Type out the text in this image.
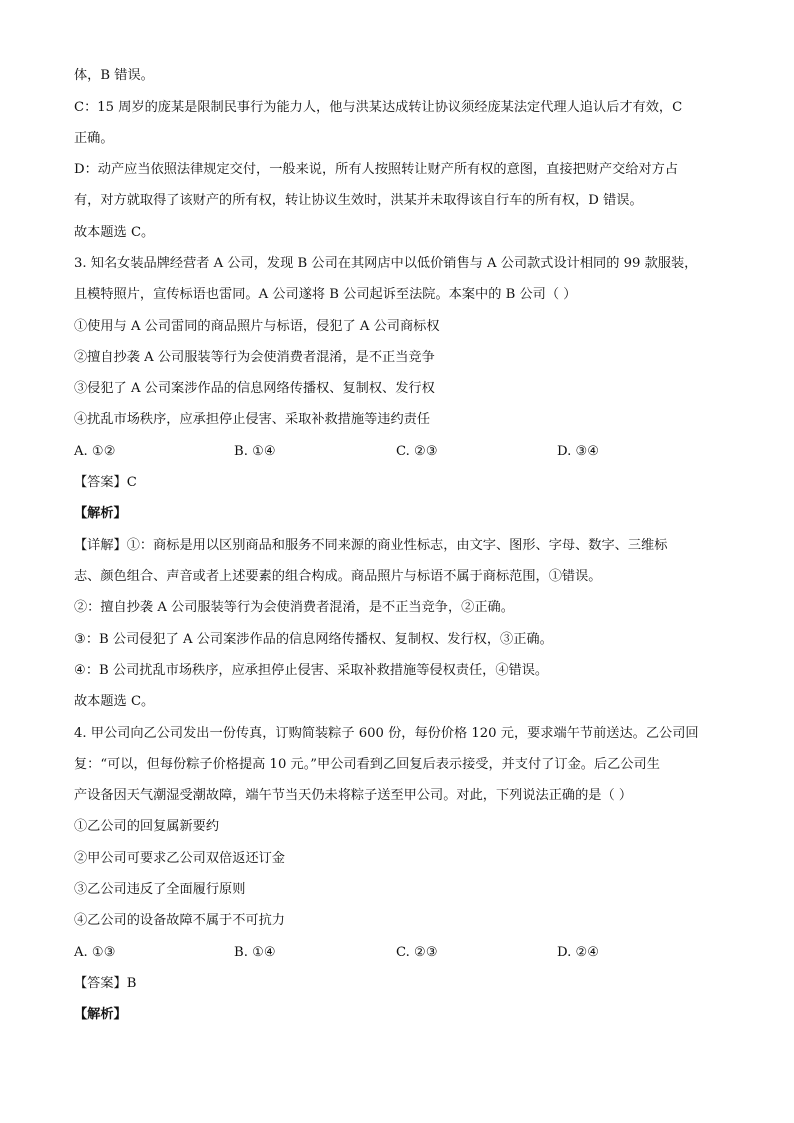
体，B 错误。
C：15 周岁的庞某是限制民事行为能力人，他与洪某达成转让协议须经庞某法定代理人追认后才有效，C
正确。
D：动产应当依照法律规定交付，一般来说，所有人按照转让财产所有权的意图，直接把财产交给对方占
有，对方就取得了该财产的所有权，转让协议生效时，洪某并未取得该自行车的所有权，D 错误。
故本题选 C。
3. 知名女装品牌经营者 A 公司，发现 B 公司在其网店中以低价销售与 A 公司款式设计相同的 99 款服装，
且模特照片，宣传标语也雷同。A 公司遂将 B 公司起诉至法院。本案中的 B 公司（ ）
①使用与 A 公司雷同的商品照片与标语，侵犯了 A 公司商标权
②擅自抄袭 A 公司服装等行为会使消费者混淆，是不正当竞争
③侵犯了 A 公司案涉作品的信息网络传播权、复制权、发行权
④扰乱市场秩序，应承担停止侵害、采取补救措施等违约责任
A. ①②	B. ①④	C. ②③	D. ③④
【答案】C
【解析】
【详解】①：商标是用以区别商品和服务不同来源的商业性标志，由文字、图形、字母、数字、三维标
志、颜色组合、声音或者上述要素的组合构成。商品照片与标语不属于商标范围，①错误。
②：擅自抄袭 A 公司服装等行为会使消费者混淆，是不正当竞争，②正确。
③：B 公司侵犯了 A 公司案涉作品的信息网络传播权、复制权、发行权，③正确。
④：B 公司扰乱市场秩序，应承担停止侵害、采取补救措施等侵权责任，④错误。
故本题选 C。
4. 甲公司向乙公司发出一份传真，订购简装粽子 600 份，每份价格 120 元，要求端午节前送达。乙公司回
复：“可以，但每份粽子价格提高 10 元。”甲公司看到乙回复后表示接受，并支付了订金。后乙公司生
产设备因天气潮湿受潮故障，端午节当天仍未将粽子送至甲公司。对此，下列说法正确的是（ ）
①乙公司的回复属新要约
②甲公司可要求乙公司双倍返还订金
③乙公司违反了全面履行原则
④乙公司的设备故障不属于不可抗力
A. ①③	B. ①④	C. ②③	D. ②④
【答案】B
【解析】
